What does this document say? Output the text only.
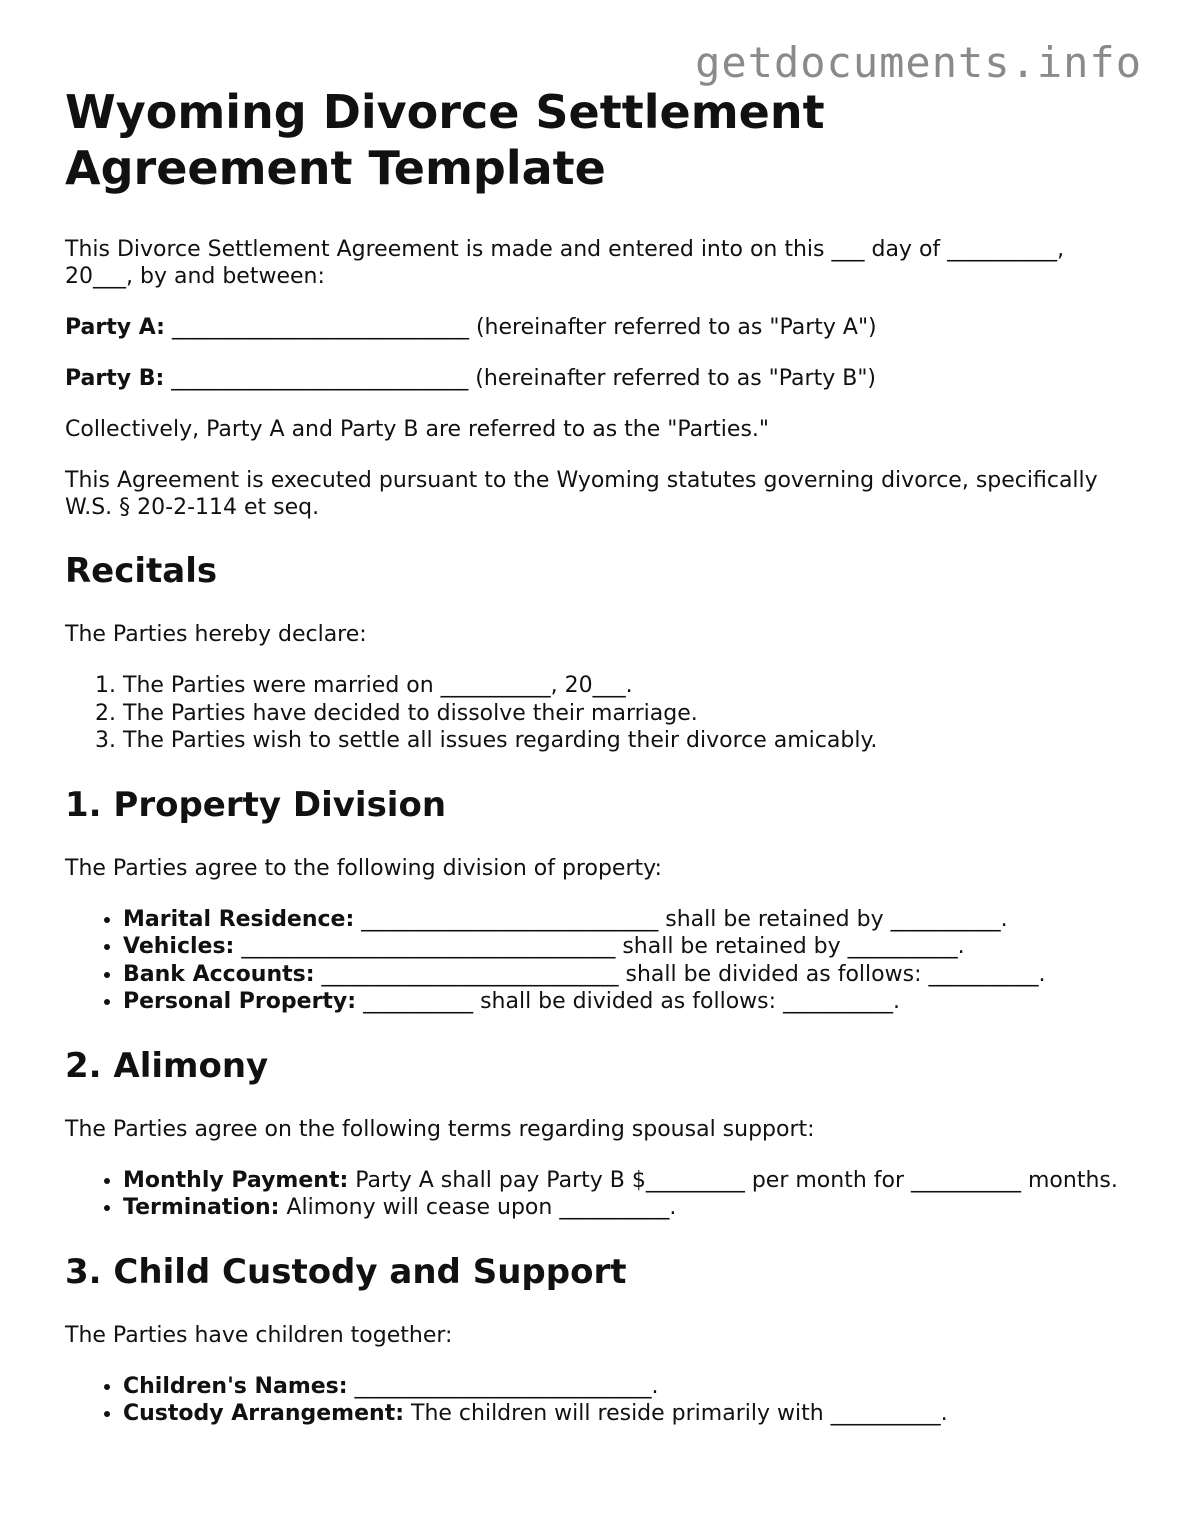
getdocuments.info
Wyoming Divorce Settlement Agreement Template

This Divorce Settlement Agreement is made and entered into on this ___ day of __________, 20___, by and between:

Party A: ___________________________ (hereinafter referred to as "Party A")

Party B: ___________________________ (hereinafter referred to as "Party B")

Collectively, Party A and Party B are referred to as the "Parties."

This Agreement is executed pursuant to the Wyoming statutes governing divorce, specifically W.S. § 20-2-114 et seq.

Recitals

The Parties hereby declare:

1. The Parties were married on __________, 20___.
2. The Parties have decided to dissolve their marriage.
3. The Parties wish to settle all issues regarding their divorce amicably.
1. Property Division

The Parties agree to the following division of property:

• Marital Residence: ___________________________ shall be retained by __________.
• Vehicles: __________________________________ shall be retained by __________.
• Bank Accounts: ___________________________ shall be divided as follows: __________.
• Personal Property: __________ shall be divided as follows: __________.
2. Alimony

The Parties agree on the following terms regarding spousal support:

• Monthly Payment: Party A shall pay Party B $_________ per month for __________ months.
• Termination: Alimony will cease upon __________.
3. Child Custody and Support

The Parties have children together:

• Children's Names: ___________________________.
• Custody Arrangement: The children will reside primarily with __________.
